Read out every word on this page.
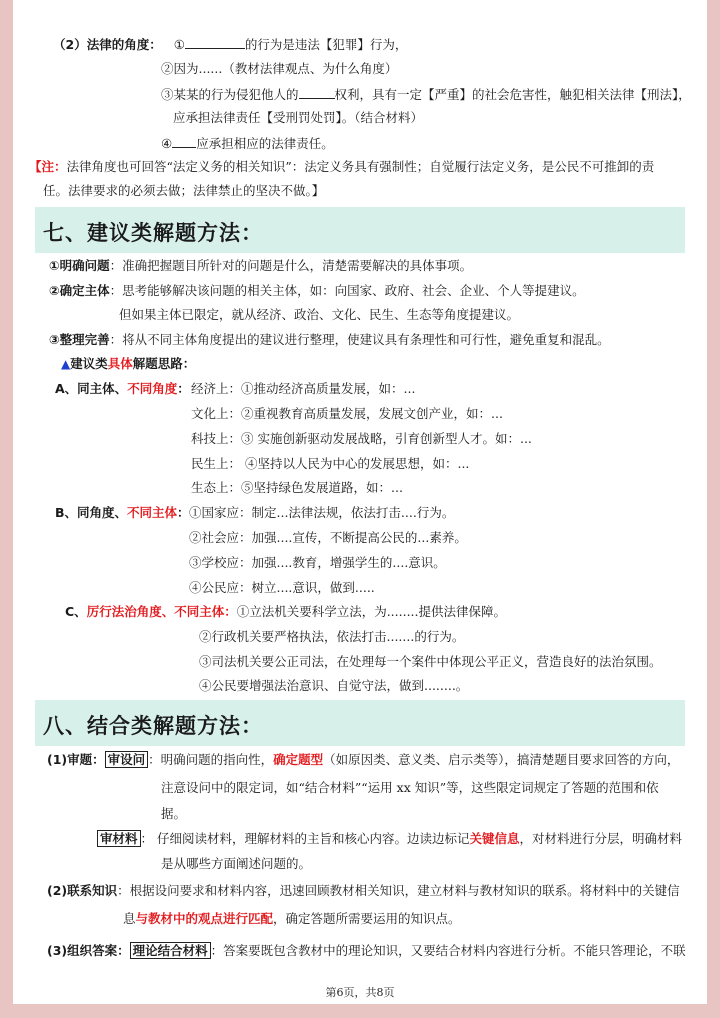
（2）法律的角度： ①	的行为是违法【犯罪】行为，
②因为......（教材法律观点、为什么角度）
③某某的行为侵犯他人的	权利，具有一定【严重】的社会危害性，触犯相关法律【刑法】，
应承担法律责任【受刑罚处罚】。（结合材料）
④ 应承担相应的法律责任。
【注：法律角度也可回答“法定义务的相关知识”：法定义务具有强制性；自觉履行法定义务，是公民不可推卸的责
任。法律要求的必须去做；法律禁止的坚决不做。】
七、建议类解题方法：
①明确问题：准确把握题目所针对的问题是什么，清楚需要解决的具体事项。
②确定主体：思考能够解决该问题的相关主体，如：向国家、政府、社会、企业、个人等提建议。
但如果主体已限定，就从经济、政治、文化、民生、生态等角度提建议。
③整理完善：将从不同主体角度提出的建议进行整理，使建议具有条理性和可行性，避免重复和混乱。
▲建议类具体解题思路：
A、同主体、不同角度： 经济上：①推动经济高质量发展，如：...
文化上：②重视教育高质量发展，发展文创产业，如：...
科技上：③ 实施创新驱动发展战略，引育创新型人才。如：...
民生上： ④坚持以人民为中心的发展思想，如：...
生态上：⑤坚持绿色发展道路，如：...
B、同角度、不同主体： ①国家应：制定...法律法规，依法打击....行为。
②社会应：加强....宣传，不断提高公民的...素养。
③学校应：加强....教育，增强学生的....意识。
④公民应：树立....意识，做到.....
C、厉行法治角度、不同主体：①立法机关要科学立法，为........提供法律保障。
②行政机关要严格执法，依法打击.......的行为。
③司法机关要公正司法，在处理每一个案件中体现公平正义，营造良好的法治氛围。
④公民要增强法治意识、自觉守法，做到........。
八、结合类解题方法：
(1)审题： 审设问 ：明确问题的指向性，确定题型（如原因类、意义类、启示类等），搞清楚题目要求回答的方向，
注意设问中的限定词，如“结合材料”“运用 xx 知识”等，这些限定词规定了答题的范围和依
据。
审材料 ： 仔细阅读材料，理解材料的主旨和核心内容。边读边标记关键信息，对材料进行分层，明确材料
是从哪些方面阐述问题的。
(2)联系知识：根据设问要求和材料内容，迅速回顾教材相关知识，建立材料与教材知识的联系。将材料中的关键信
息与教材中的观点进行匹配，确定答题所需要运用的知识点。
(3)组织答案： 理论结合材料 ：答案要既包含教材中的理论知识，又要结合材料内容进行分析。不能只答理论，不联
第6页，共8页
